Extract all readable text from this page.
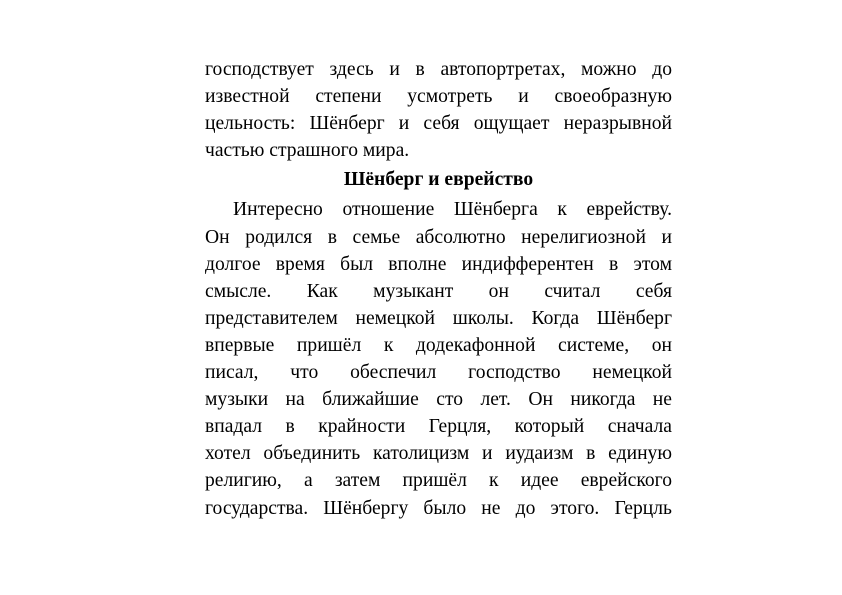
господствует здесь и в автопортретах, можно до
известной степени усмотреть и своеобразную
цельность: Шёнберг и себя ощущает неразрывной
частью страшного мира.
Шёнберг и еврейство
Интересно отношение Шёнберга к еврейству.
Он родился в семье абсолютно нерелигиозной и
долгое время был вполне индифферентен в этом
смысле. Как музыкант он считал себя
представителем немецкой школы. Когда Шёнберг
впервые пришёл к додекафонной системе, он
писал, что обеспечил господство немецкой
музыки на ближайшие сто лет. Он никогда не
впадал в крайности Герцля, который сначала
хотел объединить католицизм и иудаизм в единую
религию, а затем пришёл к идее еврейского
государства. Шёнбергу было не до этого. Герцль
